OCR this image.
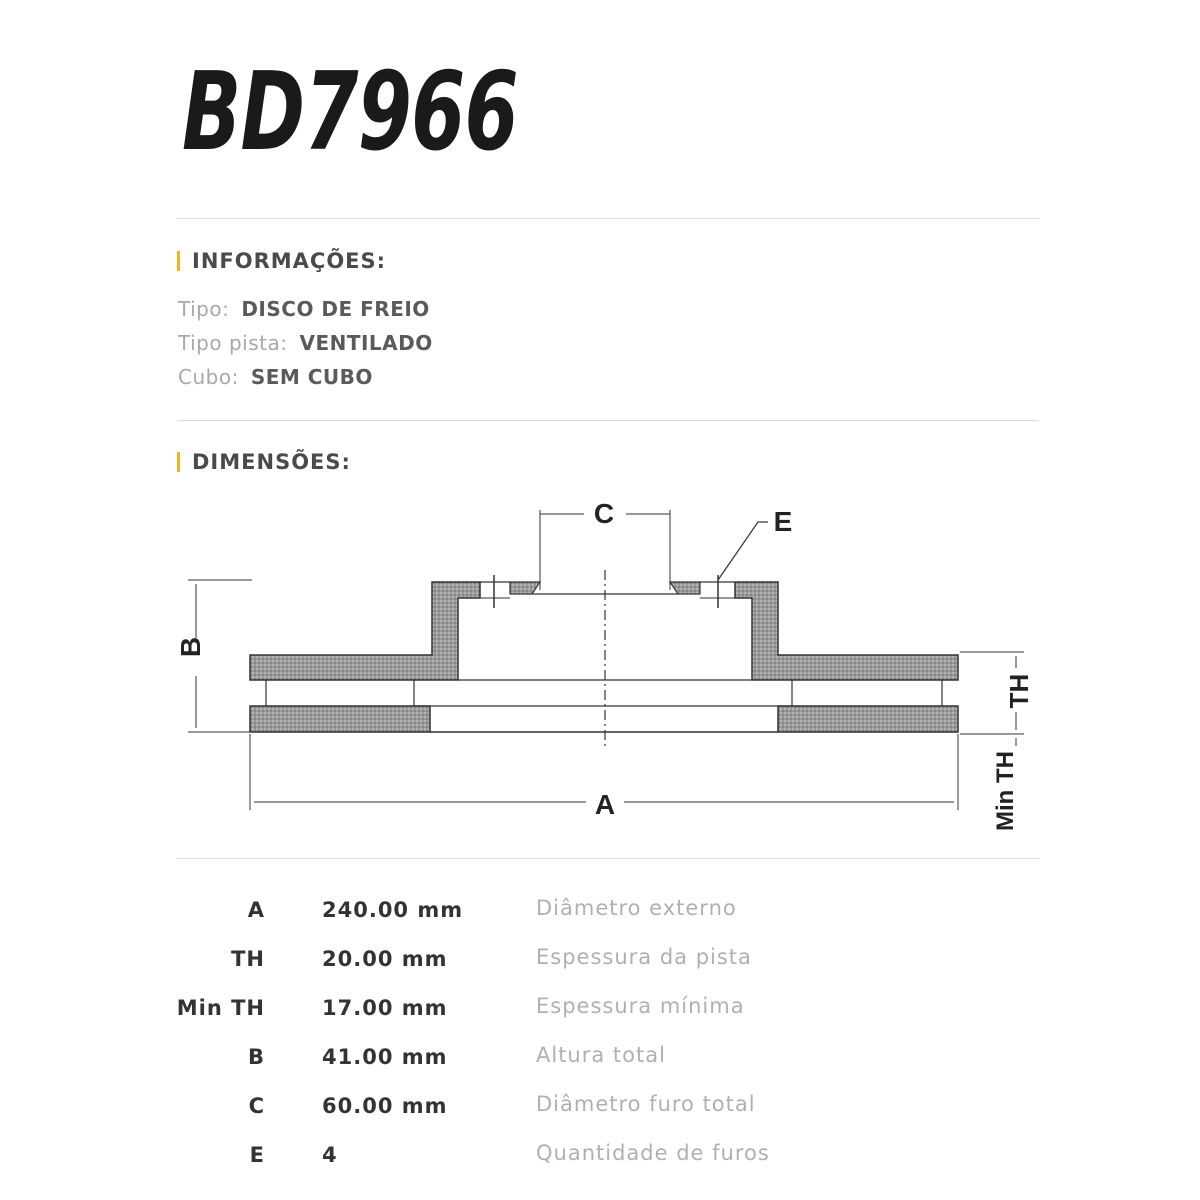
BD7966
INFORMAÇÕES:
Tipo: DISCO DE FREIO
Tipo pista: VENTILADO
Cubo: SEM CUBO
DIMENSÕES:
C	E
B
A
TH
Min TH
A	240.00 mm	Diâmetro externo
TH	20.00 mm	Espessura da pista
Min TH	17.00 mm	Espessura mínima
B	41.00 mm	Altura total
C	60.00 mm	Diâmetro furo total
E	4	Quantidade de furos
